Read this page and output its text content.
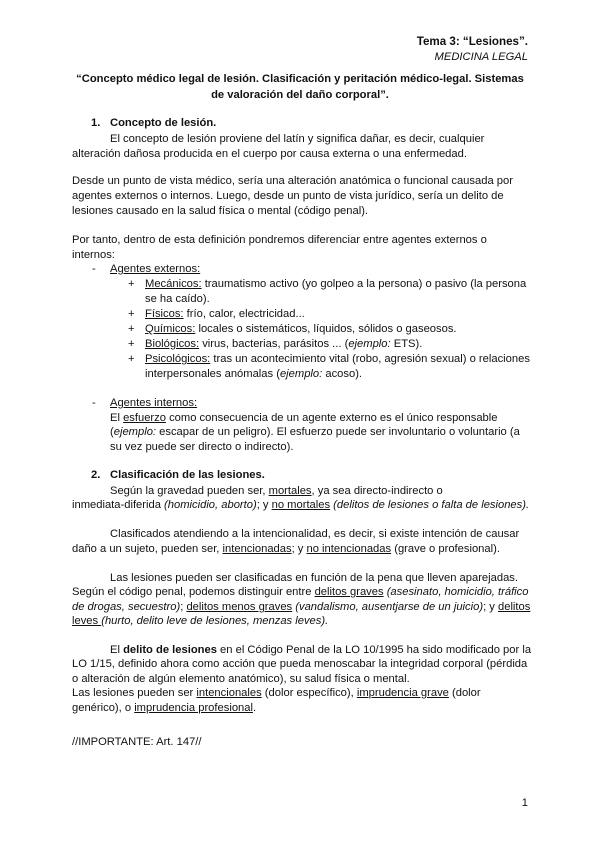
Tema 3: “Lesiones”.
MEDICINA LEGAL
“Concepto médico legal de lesión. Clasificación y peritación médico-legal. Sistemas
de valoración del daño corporal”.
1. Concepto de lesión.
El concepto de lesión proviene del latín y significa dañar, es decir, cualquier
alteración dañosa producida en el cuerpo por causa externa o una enfermedad.
Desde un punto de vista médico, sería una alteración anatómica o funcional causada por
agentes externos o internos. Luego, desde un punto de vista jurídico, sería un delito de
lesiones causado en la salud física o mental (código penal).
Por tanto, dentro de esta definición pondremos diferenciar entre agentes externos o
internos:
- Agentes externos:
+ Mecánicos: traumatismo activo (yo golpeo a la persona) o pasivo (la persona
se ha caído).
+ Físicos: frío, calor, electricidad...
+ Químicos: locales o sistemáticos, líquidos, sólidos o gaseosos.
+ Biológicos: virus, bacterias, parásitos ... (ejemplo: ETS).
+ Psicológicos: tras un acontecimiento vital (robo, agresión sexual) o relaciones
interpersonales anómalas (ejemplo: acoso).
- Agentes internos:
El esfuerzo como consecuencia de un agente externo es el único responsable
(ejemplo: escapar de un peligro). El esfuerzo puede ser involuntario o voluntario (a
su vez puede ser directo o indirecto).
2. Clasificación de las lesiones.
Según la gravedad pueden ser, mortales, ya sea directo-indirecto o
inmediata-diferida (homicidio, aborto); y no mortales (delitos de lesiones o falta de lesiones).
Clasificados atendiendo a la intencionalidad, es decir, si existe intención de causar
daño a un sujeto, pueden ser, intencionadas; y no intencionadas (grave o profesional).
Las lesiones pueden ser clasificadas en función de la pena que lleven aparejadas.
Según el código penal, podemos distinguir entre delitos graves (asesinato, homicidio, tráfico
de drogas, secuestro); delitos menos graves (vandalismo, ausentjarse de un juicio); y delitos
leves (hurto, delito leve de lesiones, menzas leves).
El delito de lesiones en el Código Penal de la LO 10/1995 ha sido modificado por la
LO 1/15, definido ahora como acción que pueda menoscabar la integridad corporal (pérdida
o alteración de algún elemento anatómico), su salud física o mental.
Las lesiones pueden ser intencionales (dolor específico), imprudencia grave (dolor
genérico), o imprudencia profesional.
//IMPORTANTE: Art. 147//
1
